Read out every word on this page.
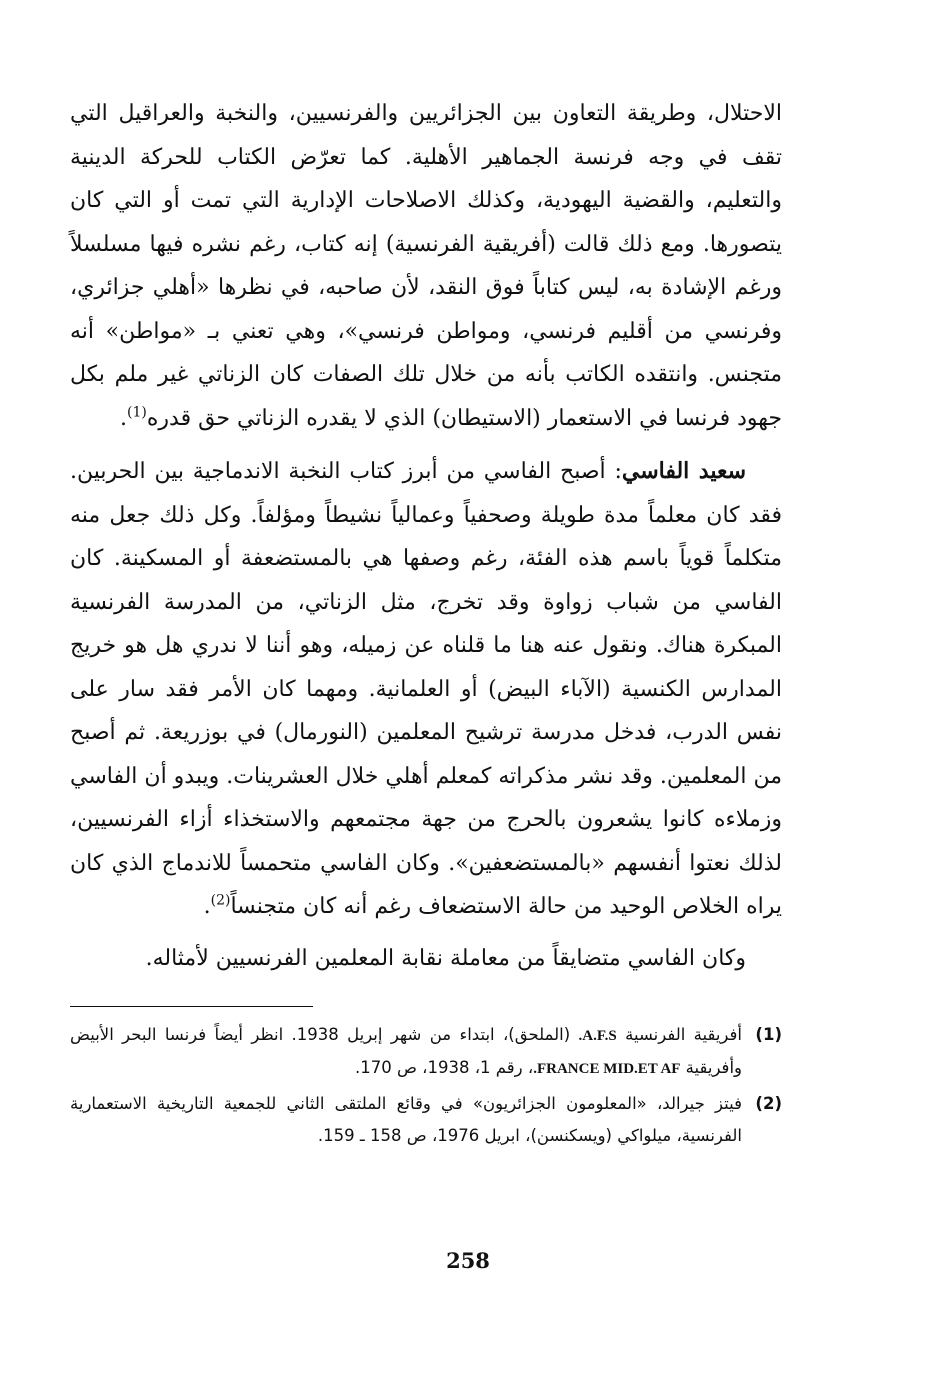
الاحتلال، وطريقة التعاون بين الجزائريين والفرنسيين، والنخبة والعراقيل التي تقف في وجه فرنسة الجماهير الأهلية. كما تعرّض الكتاب للحركة الدينية والتعليم، والقضية اليهودية، وكذلك الاصلاحات الإدارية التي تمت أو التي كان يتصورها. ومع ذلك قالت (أفريقية الفرنسية) إنه كتاب، رغم نشره فيها مسلسلاً ورغم الإشادة به، ليس كتاباً فوق النقد، لأن صاحبه، في نظرها «أهلي جزائري، وفرنسي من أقليم فرنسي، ومواطن فرنسي»، وهي تعني بـ «مواطن» أنه متجنس. وانتقده الكاتب بأنه من خلال تلك الصفات كان الزناتي غير ملم بكل جهود فرنسا في الاستعمار (الاستيطان) الذي لا يقدره الزناتي حق قدره$^{(1)}$.

سعيد الفاسي: أصبح الفاسي من أبرز كتاب النخبة الاندماجية بين الحربين. فقد كان معلماً مدة طويلة وصحفياً وعمالياً نشيطاً ومؤلفاً. وكل ذلك جعل منه متكلماً قوياً باسم هذه الفئة، رغم وصفها هي بالمستضعفة أو المسكينة. كان الفاسي من شباب زواوة وقد تخرج، مثل الزناتي، من المدرسة الفرنسية المبكرة هناك. ونقول عنه هنا ما قلناه عن زميله، وهو أننا لا ندري هل هو خريج المدارس الكنسية (الآباء البيض) أو العلمانية. ومهما كان الأمر فقد سار على نفس الدرب، فدخل مدرسة ترشيح المعلمين (النورمال) في بوزريعة. ثم أصبح من المعلمين. وقد نشر مذكراته كمعلم أهلي خلال العشرينات. ويبدو أن الفاسي وزملاءه كانوا يشعرون بالحرج من جهة مجتمعهم والاستخذاء أزاء الفرنسيين، لذلك نعتوا أنفسهم «بالمستضعفين». وكان الفاسي متحمساً للاندماج الذي كان يراه الخلاص الوحيد من حالة الاستضعاف رغم أنه كان متجنساً$^{(2)}$.

وكان الفاسي متضايقاً من معاملة نقابة المعلمين الفرنسيين لأمثاله.

(1)
أفريقية الفرنسية A.F.S. (الملحق)، ابتداء من شهر إبريل 1938. انظر أيضاً فرنسا البحر الأبيض وأفريقية FRANCE MID.ET AF.، رقم 1، 1938، ص 170.
(2)
فيتز جيرالد، «المعلومون الجزائريون» في وقائع الملتقى الثاني للجمعية التاريخية الاستعمارية الفرنسية، ميلواكي (ويسكنسن)، ابريل 1976، ص 158 ـ 159.
258
